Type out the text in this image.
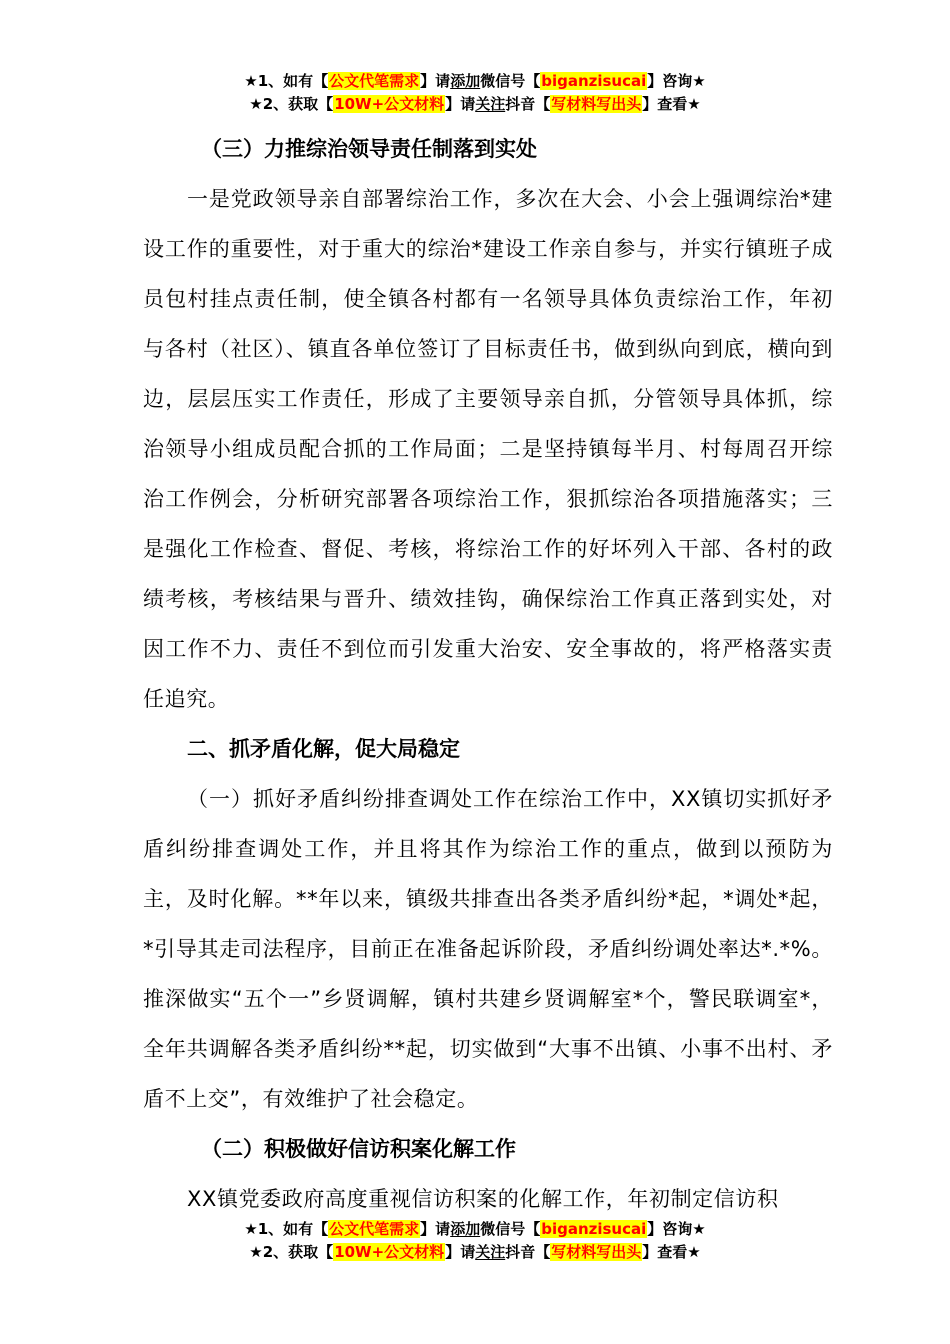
★1、如有【公文代笔需求】请添加微信号【biganzisucai】咨询★
★2、获取【10W+公文材料】请关注抖音【写材料写出头】查看★
（三）力推综治领导责任制落到实处

一是党政领导亲自部署综治工作，多次在大会、小会上强调综治*建设工作的重要性，对于重大的综治*建设工作亲自参与，并实行镇班子成员包村挂点责任制，使全镇各村都有一名领导具体负责综治工作，年初与各村（社区）、镇直各单位签订了目标责任书，做到纵向到底，横向到边，层层压实工作责任，形成了主要领导亲自抓，分管领导具体抓，综治领导小组成员配合抓的工作局面；二是坚持镇每半月、村每周召开综治工作例会，分析研究部署各项综治工作，狠抓综治各项措施落实；三是强化工作检查、督促、考核，将综治工作的好坏列入干部、各村的政绩考核，考核结果与晋升、绩效挂钩，确保综治工作真正落到实处，对因工作不力、责任不到位而引发重大治安、安全事故的，将严格落实责任追究。

二、抓矛盾化解，促大局稳定

（一）抓好矛盾纠纷排查调处工作在综治工作中，XX镇切实抓好矛盾纠纷排查调处工作，并且将其作为综治工作的重点，做到以预防为主，及时化解。**年以来，镇级共排查出各类矛盾纠纷*起，*调处*起，*引导其走司法程序，目前正在准备起诉阶段，矛盾纠纷调处率达*.*%。推深做实“五个一”乡贤调解，镇村共建乡贤调解室*个，警民联调室*，全年共调解各类矛盾纠纷**起，切实做到“大事不出镇、小事不出村、矛盾不上交”，有效维护了社会稳定。

（二）积极做好信访积案化解工作

XX镇党委政府高度重视信访积案的化解工作，年初制定信访积

★1、如有【公文代笔需求】请添加微信号【biganzisucai】咨询★
★2、获取【10W+公文材料】请关注抖音【写材料写出头】查看★
